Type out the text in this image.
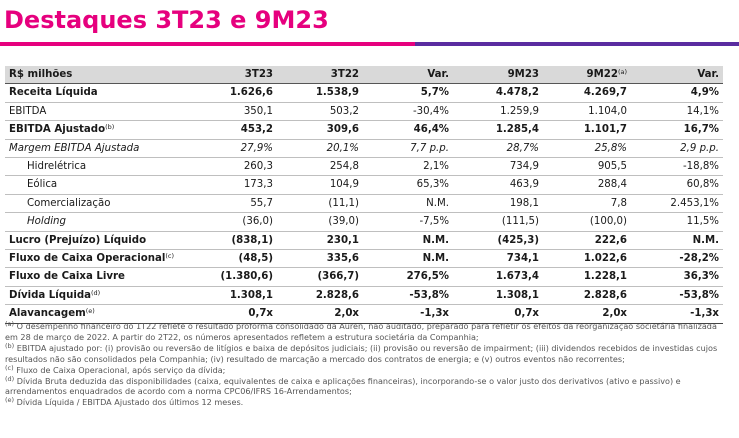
Destaques 3T23 e 9M23
R$ milhões	3T23	3T22	Var.	9M23	9M22$^{(a)}$	Var.
Receita Líquida	1.626,6	1.538,9	5,7%	4.478,2	4.269,7	4,9%
EBITDA	350,1	503,2	-30,4%	1.259,9	1.104,0	14,1%
EBITDA Ajustado$^{(b)}$	453,2	309,6	46,4%	1.285,4	1.101,7	16,7%
Margem EBITDA Ajustada	27,9%	20,1%	7,7 p.p.	28,7%	25,8%	2,9 p.p.
Hidrelétrica	260,3	254,8	2,1%	734,9	905,5	-18,8%
Eólica	173,3	104,9	65,3%	463,9	288,4	60,8%
Comercialização	55,7	(11,1)	N.M.	198,1	7,8	2.453,1%
Holding	(36,0)	(39,0)	-7,5%	(111,5)	(100,0)	11,5%
Lucro (Prejuízo) Líquido	(838,1)	230,1	N.M.	(425,3)	222,6	N.M.
Fluxo de Caixa Operacional$^{(c)}$	(48,5)	335,6	N.M.	734,1	1.022,6	-28,2%
Fluxo de Caixa Livre	(1.380,6)	(366,7)	276,5%	1.673,4	1.228,1	36,3%
Dívida Líquida$^{(d)}$	1.308,1	2.828,6	-53,8%	1.308,1	2.828,6	-53,8%
Alavancagem$^{(e)}$	0,7x	2,0x	-1,3x	0,7x	2,0x	-1,3x

$^{(a)}$ O desempenho financeiro do 1T22 reflete o resultado proforma consolidado da Auren, não auditado, preparado para refletir os efeitos da reorganização societária finalizada em 28 de março de 2022. A partir do 2T22, os números apresentados refletem a estrutura societária da Companhia;

$^{(b)}$ EBITDA ajustado por: (i) provisão ou reversão de litígios e baixa de depósitos judiciais; (ii) provisão ou reversão de impairment; (iii) dividendos recebidos de investidas cujos resultados não são consolidados pela Companhia; (iv) resultado de marcação a mercado dos contratos de energia; e (v) outros eventos não recorrentes;

$^{(c)}$ Fluxo de Caixa Operacional, após serviço da dívida;

$^{(d)}$ Dívida Bruta deduzida das disponibilidades (caixa, equivalentes de caixa e aplicações financeiras), incorporando-se o valor justo dos derivativos (ativo e passivo) e arrendamentos enquadrados de acordo com a norma CPC06/IFRS 16-Arrendamentos;

$^{(e)}$ Dívida Líquida / EBITDA Ajustado dos últimos 12 meses.
